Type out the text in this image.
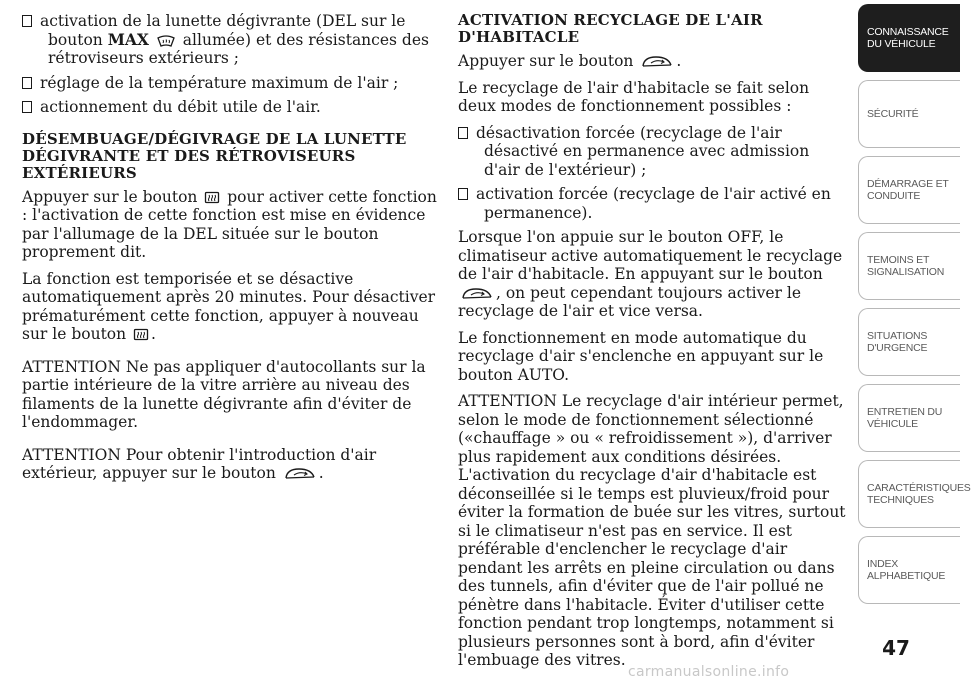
activation de la lunette dégivrante (DEL sur le bouton MAX  allumée) et des résistances des rétroviseurs extérieurs ;

réglage de la température maximum de l'air ;

actionnement du débit utile de l'air.

DÉSEMBUAGE/DÉGIVRAGE DE LA LUNETTE DÉGIVRANTE ET DES RÉTROVISEURS EXTÉRIEURS

Appuyer sur le bouton  pour activer cette fonction : l'activation de cette fonction est mise en évidence par l'allumage de la DEL située sur le bouton proprement dit.

La fonction est temporisée et se désactive automatiquement après 20 minutes. Pour désactiver prématurément cette fonction, appuyer à nouveau sur le bouton .

ATTENTION Ne pas appliquer d'autocollants sur la partie intérieure de la vitre arrière au niveau des filaments de la lunette dégivrante afin d'éviter de l'endommager.

ATTENTION Pour obtenir l'introduction d'air extérieur, appuyer sur le bouton .

ACTIVATION RECYCLAGE DE L'AIR D'HABITACLE

Appuyer sur le bouton .

Le recyclage de l'air d'habitacle se fait selon deux modes de fonctionnement possibles :

désactivation forcée (recyclage de l'air désactivé en permanence avec admission d'air de l'extérieur) ;

activation forcée (recyclage de l'air activé en permanence).

Lorsque l'on appuie sur le bouton OFF, le climatiseur active automatiquement le recyclage de l'air d'habitacle. En appuyant sur le bouton , on peut cependant toujours activer le recyclage de l'air et vice versa.

Le fonctionnement en mode automatique du recyclage d'air s'enclenche en appuyant sur le bouton AUTO.

ATTENTION Le recyclage d'air intérieur permet, selon le mode de fonctionnement sélectionné («chauffage » ou « refroidissement »), d'arriver plus rapidement aux conditions désirées. L'activation du recyclage d'air d'habitacle est déconseillée si le temps est pluvieux/froid pour éviter la formation de buée sur les vitres, surtout si le climatiseur n'est pas en service. Il est préférable d'enclencher le recyclage d'air pendant les arrêts en pleine circulation ou dans des tunnels, afin d'éviter que de l'air pollué ne pénètre dans l'habitacle. Éviter d'utiliser cette fonction pendant trop longtemps, notamment si plusieurs personnes sont à bord, afin d'éviter l'embuage des vitres.

CONNAISSANCE DU VÉHICULE
SÉCURITÉ
DÉMARRAGE ET CONDUITE
TEMOINS ET SIGNALISATION
SITUATIONS D'URGENCE
ENTRETIEN DU VÉHICULE
CARACTÉRISTIQUES TECHNIQUES
INDEX ALPHABETIQUE
47
carmanualsonline.info
